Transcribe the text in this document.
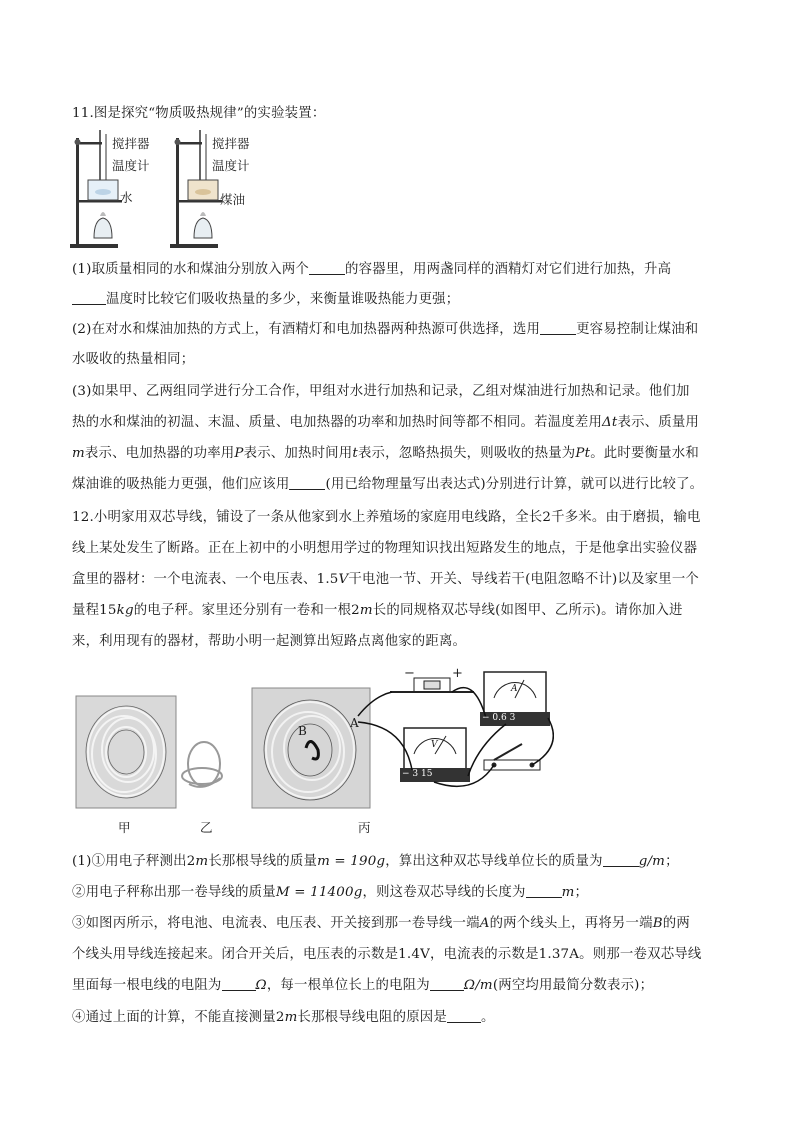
11.图是探究“物质吸热规律”的实验装置：
搅拌器
温度计
水
搅拌器
温度计
煤油
(1)取质量相同的水和煤油分别放入两个	的容器里，用两盏同样的酒精灯对它们进行加热，升高
温度时比较它们吸收热量的多少，来衡量谁吸热能力更强；
(2)在对水和煤油加热的方式上，有酒精灯和电加热器两种热源可供选择，选用	更容易控制让煤油和
水吸收的热量相同；
(3)如果甲、乙两组同学进行分工合作，甲组对水进行加热和记录，乙组对煤油进行加热和记录。他们加
热的水和煤油的初温、末温、质量、电加热器的功率和加热时间等都不相同。若温度差用Δt表示、质量用
m表示、电加热器的功率用P表示、加热时间用t表示，忽略热损失，则吸收的热量为Pt。此时要衡量水和
煤油谁的吸热能力更强，他们应该用	(用已给物理量写出表达式)分别进行计算，就可以进行比较了。
12.小明家用双芯导线，铺设了一条从他家到水上养殖场的家庭用电线路，全长2千多米。由于磨损，输电
线上某处发生了断路。正在上初中的小明想用学过的物理知识找出短路发生的地点，于是他拿出实验仪器
盒里的器材：一个电流表、一个电压表、1.5V干电池一节、开关、导线若干(电阻忽略不计)以及家里一个
量程15kg的电子秤。家里还分别有一卷和一根2m长的同规格双芯导线(如图甲、乙所示)。请你加入进
来，利用现有的器材，帮助小明一起测算出短路点离他家的距离。
−	+
A
− 0.6 3
V
− 3 15
B
A
甲	乙	丙
(1)①用电子秤测出2m长那根导线的质量m = 190g，算出这种双芯导线单位长的质量为	g/m；
②用电子秤称出那一卷导线的质量M = 11400g，则这卷双芯导线的长度为	m；
③如图丙所示，将电池、电流表、电压表、开关接到那一卷导线一端A的两个线头上，再将另一端B的两
个线头用导线连接起来。闭合开关后，电压表的示数是1.4V，电流表的示数是1.37A。则那一卷双芯导线
里面每一根电线的电阻为	Ω，每一根单位长上的电阻为	Ω/m(两空均用最简分数表示)；
④通过上面的计算，不能直接测量2m长那根导线电阻的原因是	。
